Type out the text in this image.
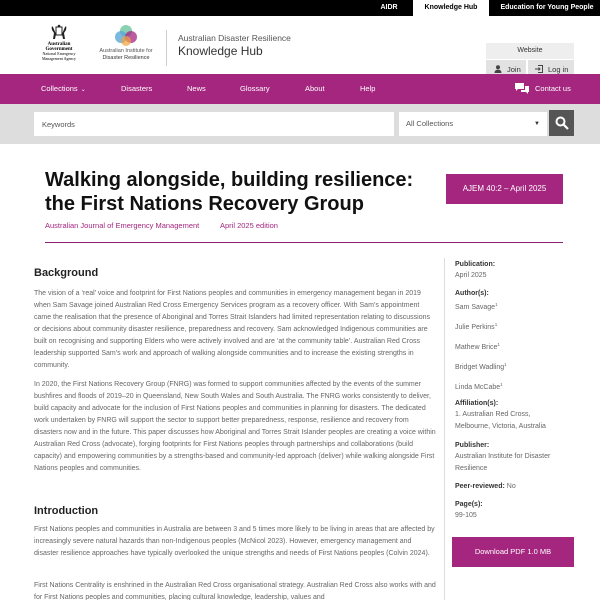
AIDR	Knowledge Hub	Education for Young People
Australian Government
National Emergency
Management Agency
Australian Institute for
Disaster Resilience
Australian Disaster Resilience
Knowledge Hub	Website
Join	Log in
Collections ⌄	Disasters	News	Glossary	About	Help	Contact us
Keywords
All Collections	▼
Walking alongside, building resilience: the First Nations Recovery Group
Australian Journal of Emergency Management	April 2025 edition
AJEM 40:2 – April 2025
Background

The vision of a ‘real’ voice and footprint for First Nations peoples and communities in emergency management began in 2019 when Sam Savage joined Australian Red Cross Emergency Services program as a recovery officer. With Sam’s appointment came the realisation that the presence of Aboriginal and Torres Strait Islanders had limited representation relating to discussions or decisions about community disaster resilience, preparedness and recovery. Sam acknowledged Indigenous communities are built on recognising and supporting Elders who were actively involved and are ‘at the community table’. Australian Red Cross leadership supported Sam’s work and approach of walking alongside communities and to increase the existing strengths in community.

In 2020, the First Nations Recovery Group (FNRG) was formed to support communities affected by the events of the summer bushfires and floods of 2019–20 in Queensland, New South Wales and South Australia. The FNRG works consistently to deliver, build capacity and advocate for the inclusion of First Nations peoples and communities in planning for disasters. The dedicated work undertaken by FNRG will support the sector to support better preparedness, response, resilience and recovery from disasters now and in the future. This paper discusses how Aboriginal and Torres Strait Islander peoples are creating a voice within Australian Red Cross (advocate), forging footprints for First Nations peoples through partnerships and collaborations (build capacity) and empowering communities by a strengths-based and community-led approach (deliver) while walking alongside First Nations peoples and communities.

Introduction

First Nations peoples and communities in Australia are between 3 and 5 times more likely to be living in areas that are affected by increasingly severe natural hazards than non-Indigenous peoples (McNicol 2023). However, emergency management and disaster resilience approaches have typically overlooked the unique strengths and needs of First Nations peoples (Colvin 2024).

First Nations Centrality is enshrined in the Australian Red Cross organisational strategy. Australian Red Cross also works with and for First Nations peoples and communities, placing cultural knowledge, leadership, values and

Publication:
April 2025
Author(s):
Sam Savage$^1$
Julie Perkins$^1$
Mathew Brice$^1$
Bridget Wadling$^1$
Linda McCabe$^1$
Affiliation(s):
1. Australian Red Cross,
Melbourne, Victoria, Australia
Publisher:
Australian Institute for Disaster
Resilience
Peer-reviewed: No
Page(s):
99-105
Download PDF 1.0 MB
